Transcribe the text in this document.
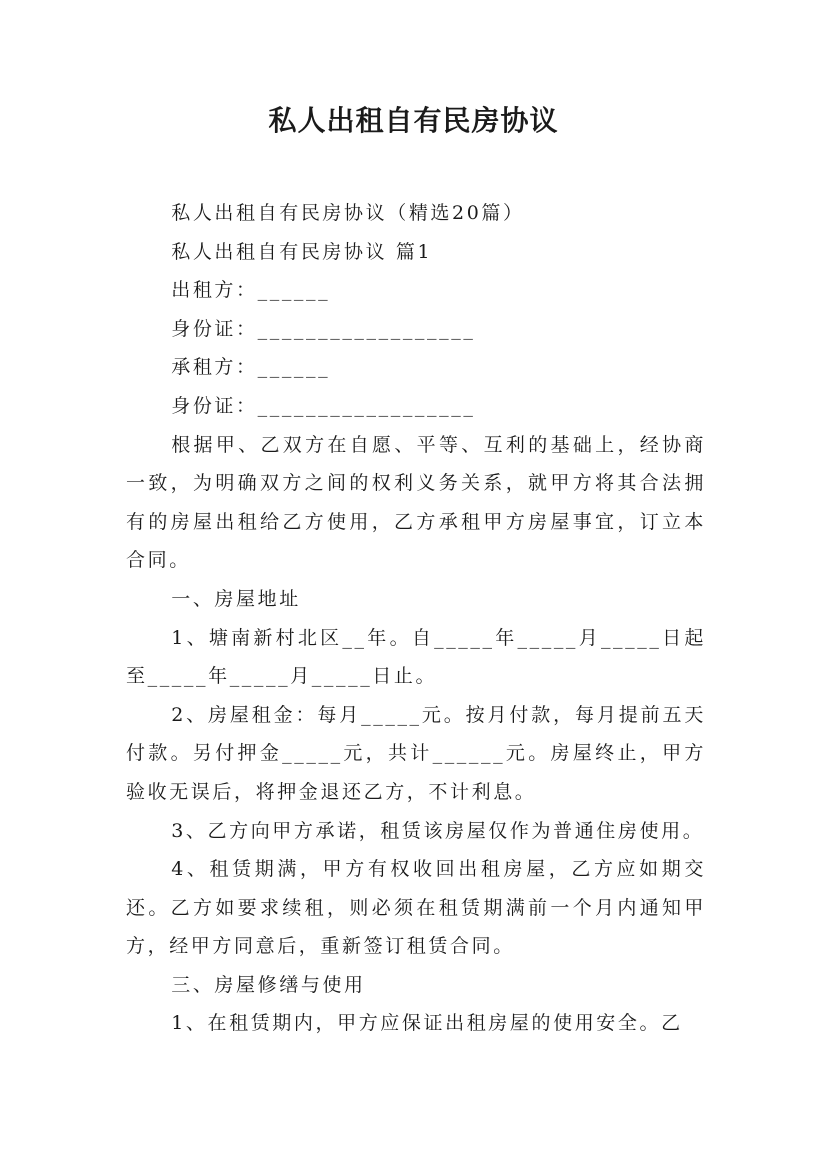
私人出租自有民房协议

私人出租自有民房协议（精选20篇）

私人出租自有民房协议 篇1

出租方：______

身份证：__________________

承租方：______

身份证：__________________

根据甲、乙双方在自愿、平等、互利的基础上，经协商一致，为明确双方之间的权利义务关系，就甲方将其合法拥有的房屋出租给乙方使用，乙方承租甲方房屋事宜，订立本合同。

一、房屋地址

1、塘南新村北区__年。自_____年_____月_____日起至_____年_____月_____日止。

2、房屋租金：每月_____元。按月付款，每月提前五天付款。另付押金_____元，共计______元。房屋终止，甲方验收无误后，将押金退还乙方，不计利息。

3、乙方向甲方承诺，租赁该房屋仅作为普通住房使用。

4、租赁期满，甲方有权收回出租房屋，乙方应如期交还。乙方如要求续租，则必须在租赁期满前一个月内通知甲方，经甲方同意后，重新签订租赁合同。

三、房屋修缮与使用

1、在租赁期内，甲方应保证出租房屋的使用安全。乙
